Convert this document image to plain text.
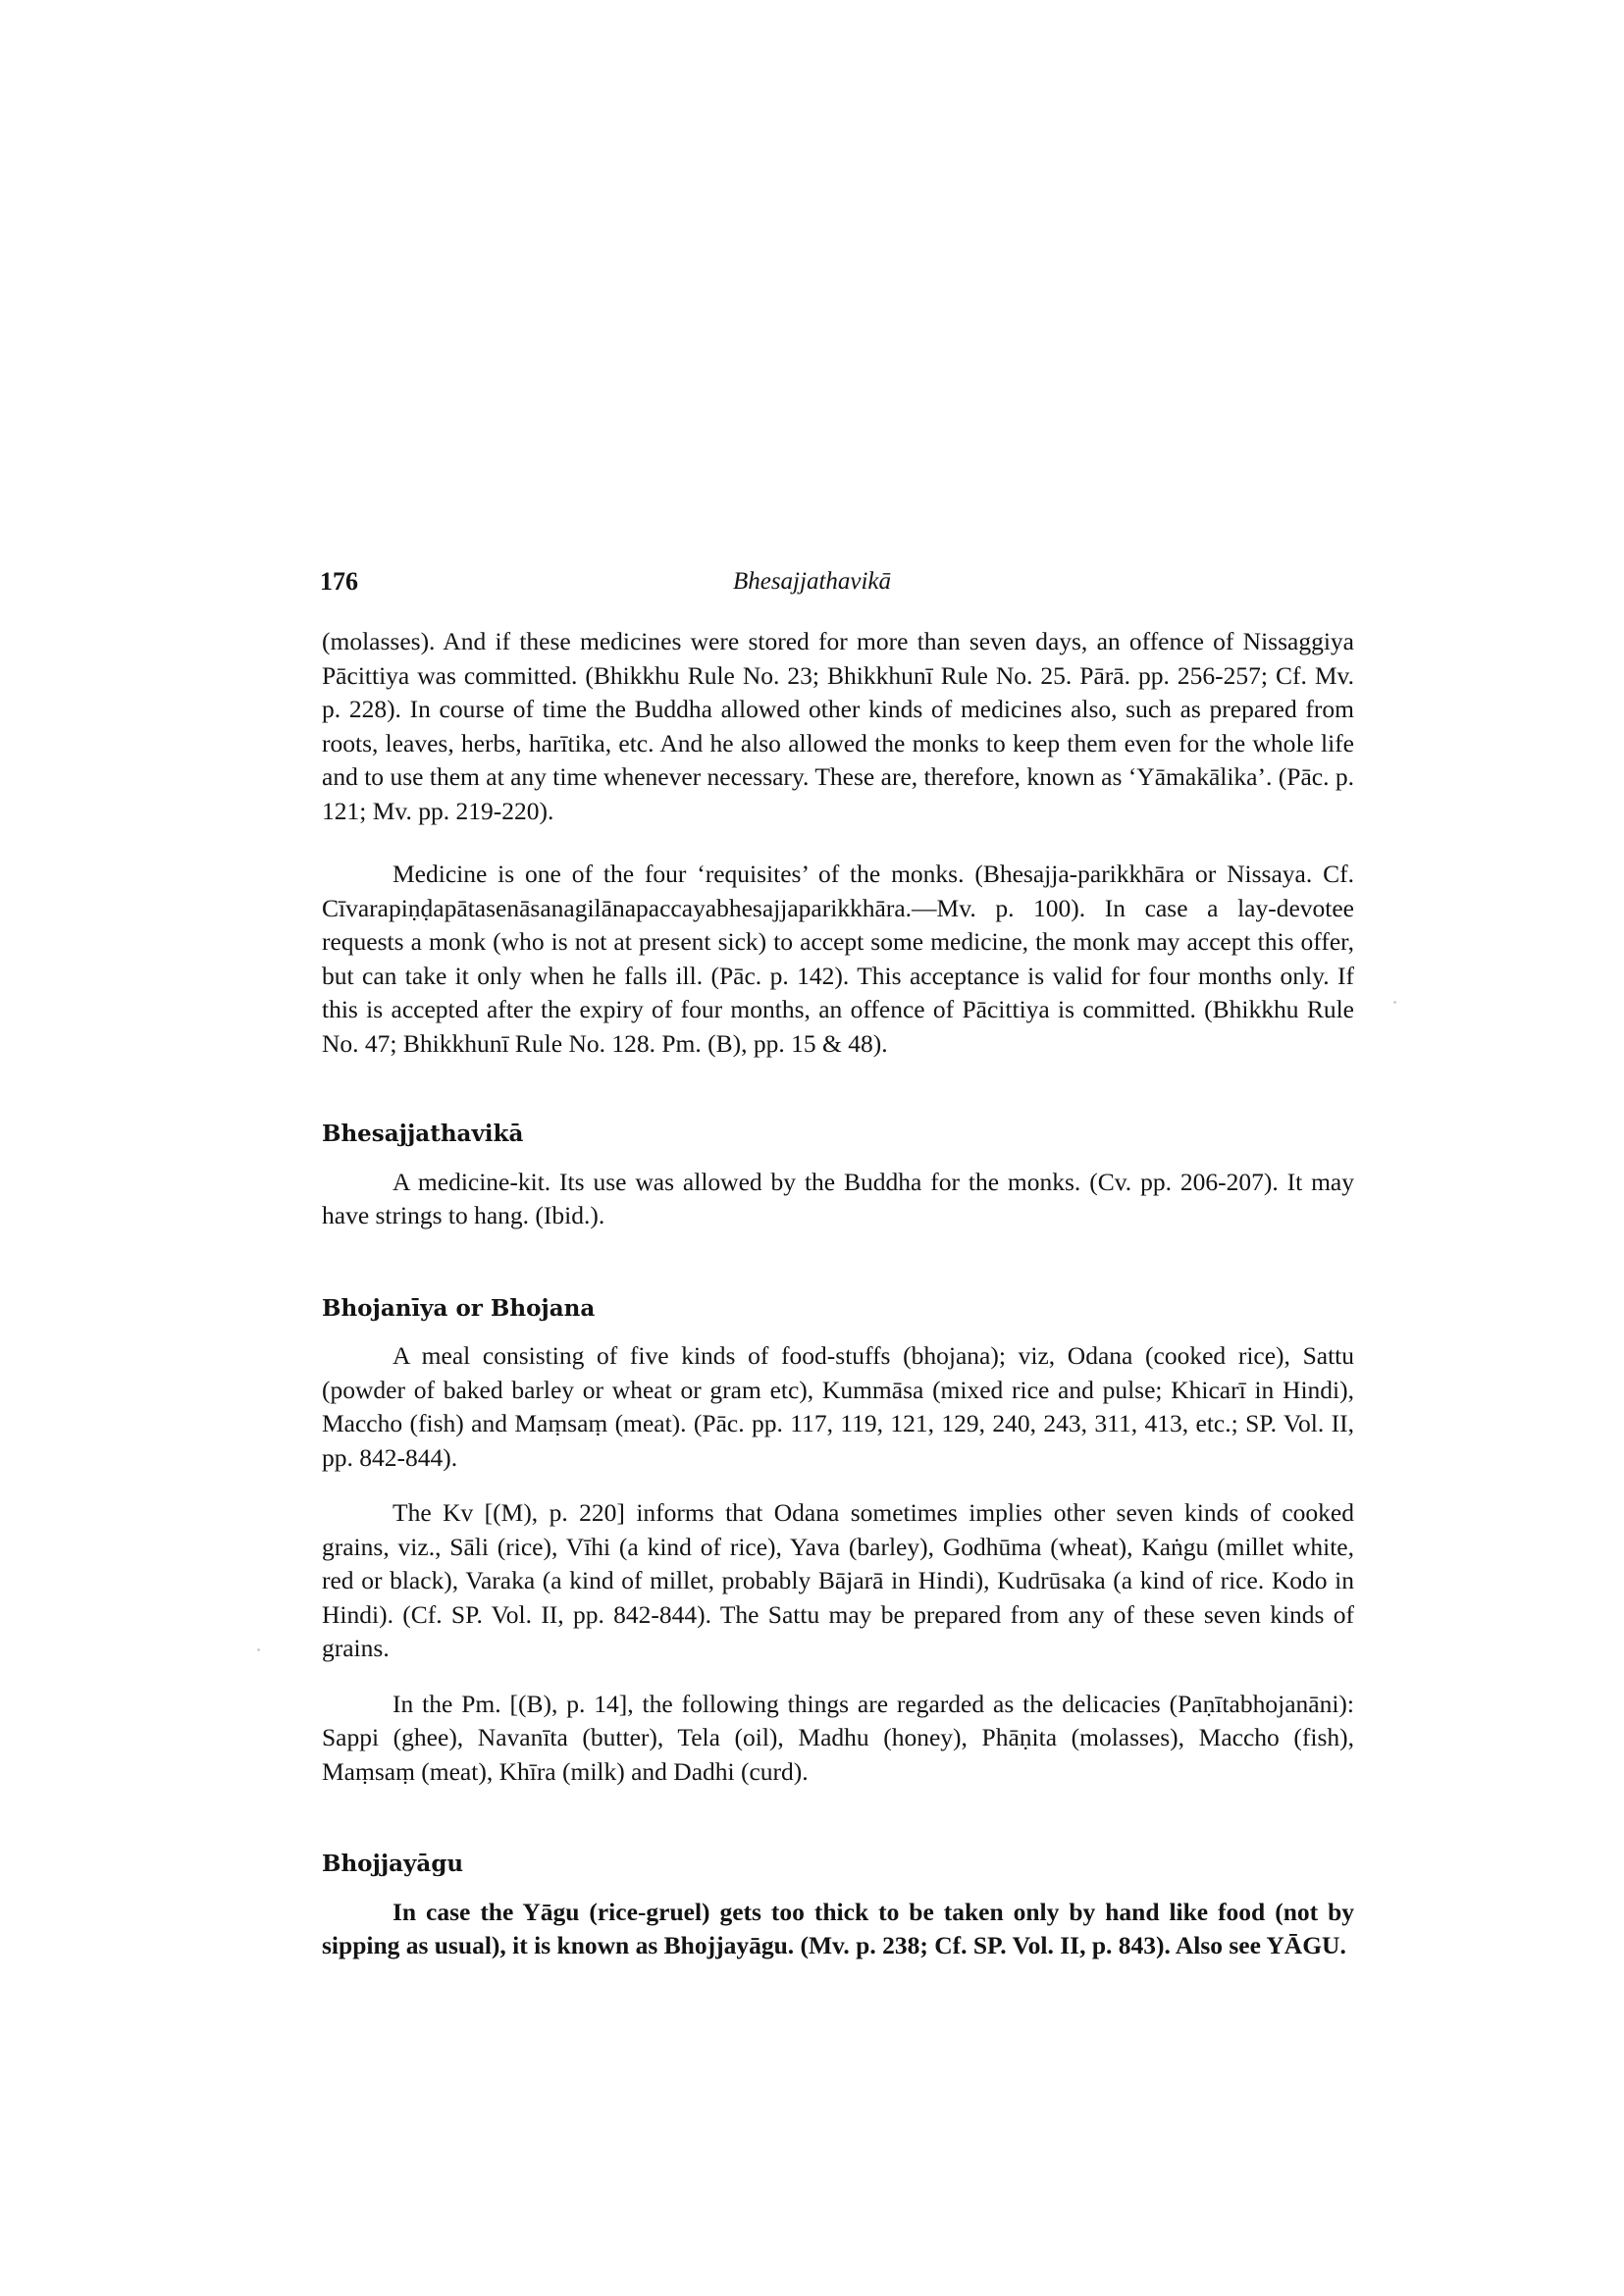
176	Bhesajjathavikā

(molasses). And if these medicines were stored for more than seven days, an offence of Nissaggiya Pācittiya was committed. (Bhikkhu Rule No. 23; Bhikkhunī Rule No. 25. Pārā. pp. 256-257; Cf. Mv. p. 228). In course of time the Buddha allowed other kinds of medicines also, such as prepared from roots, leaves, herbs, harītika, etc. And he also allowed the monks to keep them even for the whole life and to use them at any time whenever necessary. These are, therefore, known as ‘Yāmakālika’. (Pāc. p. 121; Mv. pp. 219-220).

Medicine is one of the four ‘requisites’ of the monks. (Bhesajja-parikkhāra or Nissaya. Cf. Cīvarapiṇḍapātasenāsanagilānapaccayabhesajjaparikkhāra.—Mv. p. 100). In case a lay-devotee requests a monk (who is not at present sick) to accept some medicine, the monk may accept this offer, but can take it only when he falls ill. (Pāc. p. 142). This acceptance is valid for four months only. If this is accepted after the expiry of four months, an offence of Pācittiya is committed. (Bhikkhu Rule No. 47; Bhikkhunī Rule No. 128. Pm. (B), pp. 15 & 48).

Bhesajjathavikā

A medicine-kit. Its use was allowed by the Buddha for the monks. (Cv. pp. 206-207). It may have strings to hang. (Ibid.).

Bhojanīya or Bhojana

A meal consisting of five kinds of food-stuffs (bhojana); viz, Odana (cooked rice), Sattu (powder of baked barley or wheat or gram etc), Kummāsa (mixed rice and pulse; Khicarī in Hindi), Maccho (fish) and Maṃsaṃ (meat). (Pāc. pp. 117, 119, 121, 129, 240, 243, 311, 413, etc.; SP. Vol. II, pp. 842-844).

The Kv [(M), p. 220] informs that Odana sometimes implies other seven kinds of cooked grains, viz., Sāli (rice), Vīhi (a kind of rice), Yava (barley), Godhūma (wheat), Kaṅgu (millet white, red or black), Varaka (a kind of millet, probably Bājarā in Hindi), Kudrūsaka (a kind of rice. Kodo in Hindi). (Cf. SP. Vol. II, pp. 842-844). The Sattu may be prepared from any of these seven kinds of grains.

In the Pm. [(B), p. 14], the following things are regarded as the delicacies (Paṇītabhojanāni): Sappi (ghee), Navanīta (butter), Tela (oil), Madhu (honey), Phāṇita (molasses), Maccho (fish), Maṃsaṃ (meat), Khīra (milk) and Dadhi (curd).

Bhojjayāgu

In case the Yāgu (rice-gruel) gets too thick to be taken only by hand like food (not by sipping as usual), it is known as Bhojjayāgu. (Mv. p. 238; Cf. SP. Vol. II, p. 843). Also see YĀGU.
